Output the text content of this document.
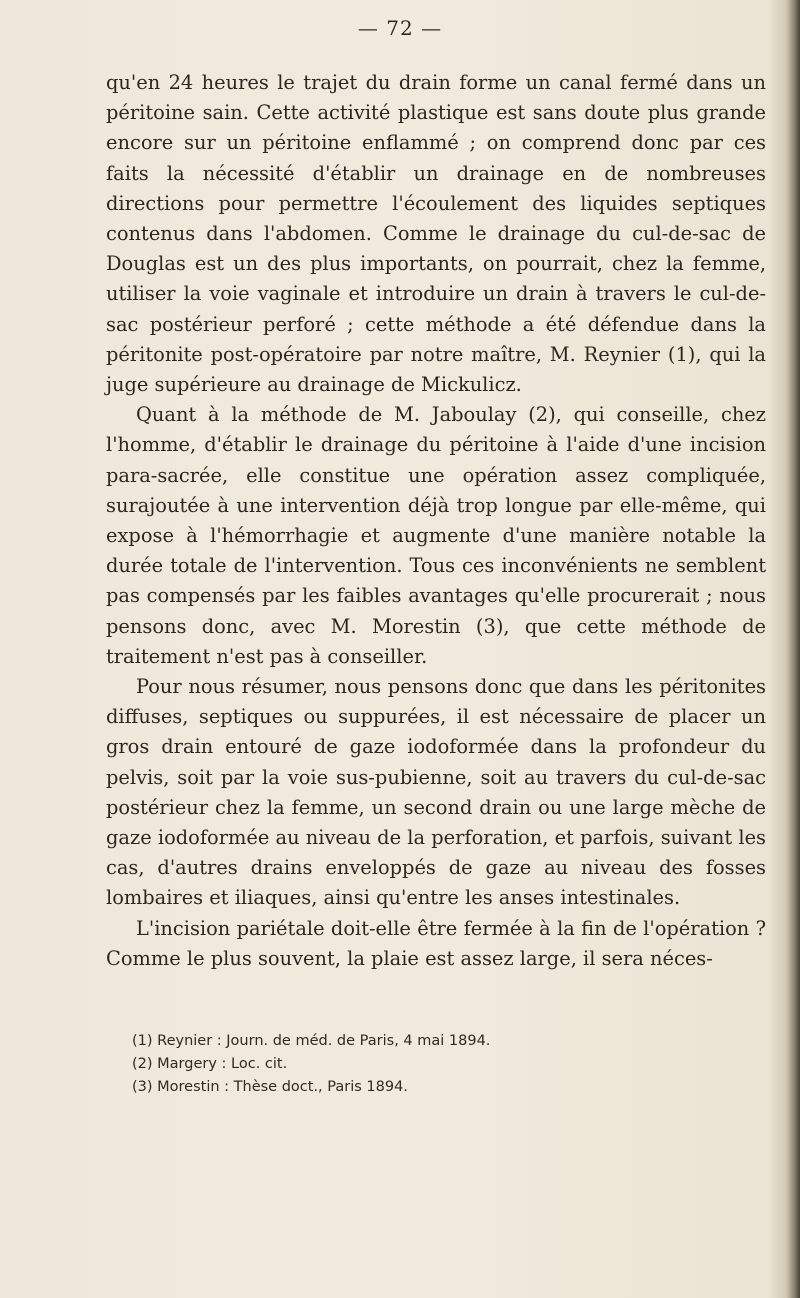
— 72 —

qu'en 24 heures le trajet du drain forme un canal fermé dans un péritoine sain. Cette activité plastique est sans doute plus grande encore sur un péritoine enflammé ; on comprend donc par ces faits la nécessité d'établir un drainage en de nombreuses directions pour permettre l'écoulement des liquides septiques contenus dans l'abdomen. Comme le drainage du cul-de-sac de Douglas est un des plus importants, on pourrait, chez la femme, utiliser la voie vaginale et introduire un drain à travers le cul-de-sac postérieur perforé ; cette méthode a été défendue dans la péritonite post-opératoire par notre maître, M. Reynier (1), qui la juge supérieure au drainage de Mickulicz.

Quant à la méthode de M. Jaboulay (2), qui conseille, chez l'homme, d'établir le drainage du péritoine à l'aide d'une incision para-sacrée, elle constitue une opération assez compliquée, surajoutée à une intervention déjà trop longue par elle-même, qui expose à l'hémorrhagie et augmente d'une manière notable la durée totale de l'intervention. Tous ces inconvénients ne semblent pas compensés par les faibles avantages qu'elle procurerait ; nous pensons donc, avec M. Morestin (3), que cette méthode de traitement n'est pas à conseiller.

Pour nous résumer, nous pensons donc que dans les péritonites diffuses, septiques ou suppurées, il est nécessaire de placer un gros drain entouré de gaze iodoformée dans la profondeur du pelvis, soit par la voie sus-pubienne, soit au travers du cul-de-sac postérieur chez la femme, un second drain ou une large mèche de gaze iodoformée au niveau de la perforation, et parfois, suivant les cas, d'autres drains enveloppés de gaze au niveau des fosses lombaires et iliaques, ainsi qu'entre les anses intestinales.

L'incision pariétale doit-elle être fermée à la fin de l'opération ? Comme le plus souvent, la plaie est assez large, il sera néces-

(1) Reynier : Journ. de méd. de Paris, 4 mai 1894.
(2) Margery : Loc. cit.
(3) Morestin : Thèse doct., Paris 1894.
